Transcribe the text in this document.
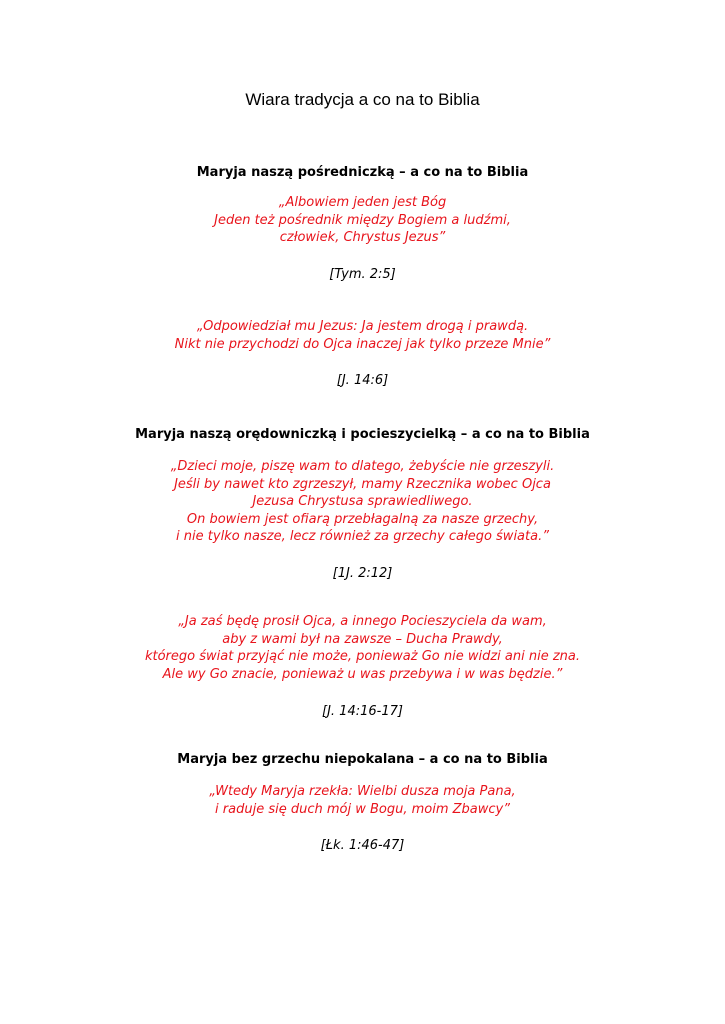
Wiara tradycja a co na to Biblia
Maryja naszą pośredniczką – a co na to Biblia
„Albowiem jeden jest Bóg
Jeden też pośrednik między Bogiem a ludźmi,
człowiek, Chrystus Jezus”
[Tym. 2:5]
„Odpowiedział mu Jezus: Ja jestem drogą i prawdą.
Nikt nie przychodzi do Ojca inaczej jak tylko przeze Mnie”
[J. 14:6]
Maryja naszą orędowniczką i pocieszycielką – a co na to Biblia
„Dzieci moje, piszę wam to dlatego, żebyście nie grzeszyli.
Jeśli by nawet kto zgrzeszył, mamy Rzecznika wobec Ojca
Jezusa Chrystusa sprawiedliwego.
On bowiem jest ofiarą przebłagalną za nasze grzechy,
i nie tylko nasze, lecz również za grzechy całego świata.”
[1J. 2:12]
„Ja zaś będę prosił Ojca, a innego Pocieszyciela da wam,
aby z wami był na zawsze – Ducha Prawdy,
którego świat przyjąć nie może, ponieważ Go nie widzi ani nie zna.
Ale wy Go znacie, ponieważ u was przebywa i w was będzie.”
[J. 14:16-17]
Maryja bez grzechu niepokalana – a co na to Biblia
„Wtedy Maryja rzekła: Wielbi dusza moja Pana,
i raduje się duch mój w Bogu, moim Zbawcy”
[Łk. 1:46-47]
